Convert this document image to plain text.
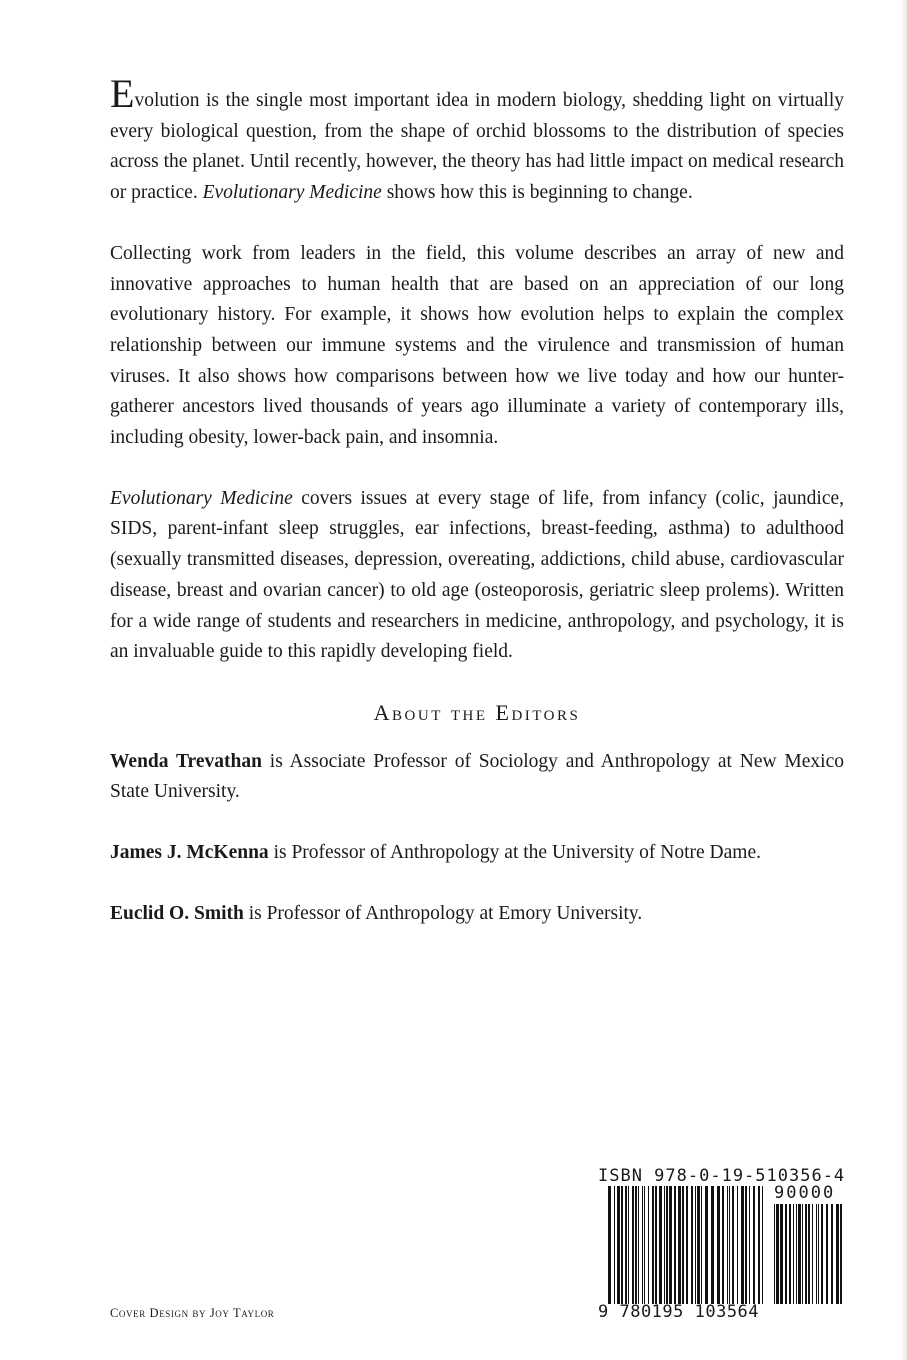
Evolution is the single most important idea in modern biology, shedding light on virtually every biological question, from the shape of orchid blossoms to the distribution of species across the planet. Until recently, however, the theory has had little impact on medical research or practice. Evolutionary Medicine shows how this is beginning to change.

Collecting work from leaders in the field, this volume describes an array of new and innovative approaches to human health that are based on an appreciation of our long evolutionary history. For example, it shows how evolution helps to explain the complex relationship between our immune systems and the virulence and transmission of human viruses. It also shows how comparisons between how we live today and how our hunter-gatherer ancestors lived thousands of years ago illuminate a variety of contemporary ills, including obesity, lower-back pain, and insomnia.

Evolutionary Medicine covers issues at every stage of life, from infancy (colic, jaundice, SIDS, parent-infant sleep struggles, ear infections, breast-feeding, asthma) to adulthood (sexually transmitted diseases, depression, overeating, addictions, child abuse, cardiovascular disease, breast and ovarian cancer) to old age (osteoporosis, geriatric sleep prolems). Written for a wide range of students and researchers in medicine, anthropology, and psychology, it is an invaluable guide to this rapidly developing field.

About the Editors

Wenda Trevathan is Associate Professor of Sociology and Anthropology at New Mexico State University.

James J. McKenna is Professor of Anthropology at the University of Notre Dame.

Euclid O. Smith is Professor of Anthropology at Emory University.

ISBN 978-0-19-510356-4
90000
9 780195 103564
Cover Design by Joy Taylor
